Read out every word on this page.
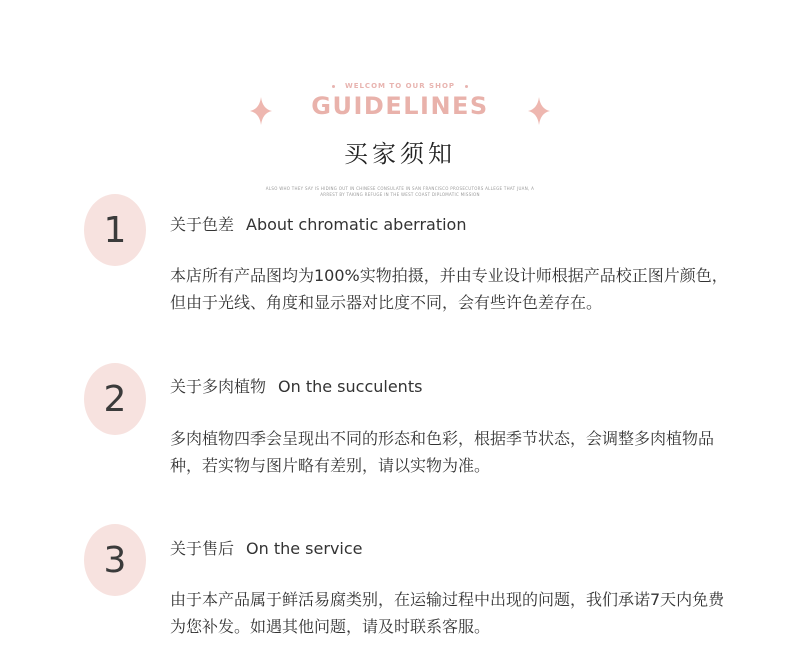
WELCOM TO OUR SHOP
GUIDELINES
买家须知
ALSO WHO THEY SAY IS HIDING OUT IN CHINESE CONSULATE IN SAN FRANCISCO PROSECUTORS ALLEGE THAT JUAN, A
ARREST BY TAKING REFUGE IN THE WEST COAST DIPLOMATIC MISSION
1	关于色差 About chromatic aberration
本店所有产品图均为100%实物拍摄，并由专业设计师根据产品校正图片颜色，但由于光线、角度和显示器对比度不同，会有些许色差存在。
2	关于多肉植物 On the succulents
多肉植物四季会呈现出不同的形态和色彩，根据季节状态，会调整多肉植物品种，若实物与图片略有差别，请以实物为准。
3	关于售后 On the service
由于本产品属于鲜活易腐类别，在运输过程中出现的问题，我们承诺7天内免费为您补发。如遇其他问题，请及时联系客服。
